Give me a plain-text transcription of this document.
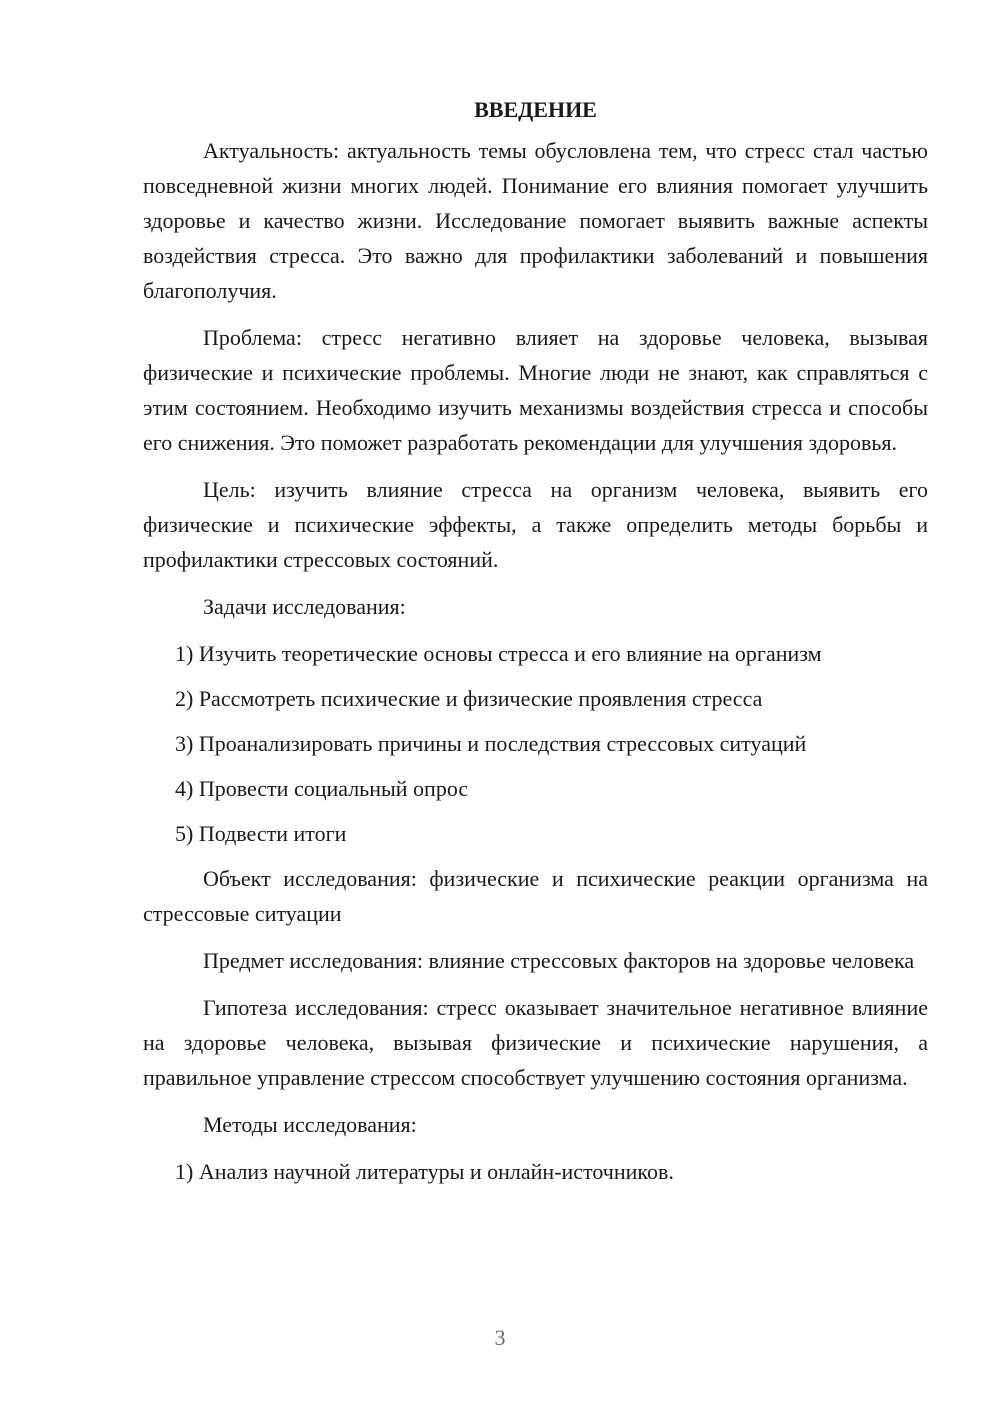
ВВЕДЕНИЕ

Актуальность: актуальность темы обусловлена тем, что стресс стал частью повседневной жизни многих людей. Понимание его влияния помогает улучшить здоровье и качество жизни. Исследование помогает выявить важные аспекты воздействия стресса. Это важно для профилактики заболеваний и повышения благополучия.

Проблема: стресс негативно влияет на здоровье человека, вызывая физические и психические проблемы. Многие люди не знают, как справляться с этим состоянием. Необходимо изучить механизмы воздействия стресса и способы его снижения. Это поможет разработать рекомендации для улучшения здоровья.

Цель: изучить влияние стресса на организм человека, выявить его физические и психические эффекты, а также определить методы борьбы и профилактики стрессовых состояний.

Задачи исследования:

1) Изучить теоретические основы стресса и его влияние на организм
2) Рассмотреть психические и физические проявления стресса
3) Проанализировать причины и последствия стрессовых ситуаций
4) Провести социальный опрос
5) Подвести итоги

Объект исследования: физические и психические реакции организма на стрессовые ситуации

Предмет исследования: влияние стрессовых факторов на здоровье человека

Гипотеза исследования: стресс оказывает значительное негативное влияние на здоровье человека, вызывая физические и психические нарушения, а правильное управление стрессом способствует улучшению состояния организма.

Методы исследования:

1) Анализ научной литературы и онлайн-источников.
3
